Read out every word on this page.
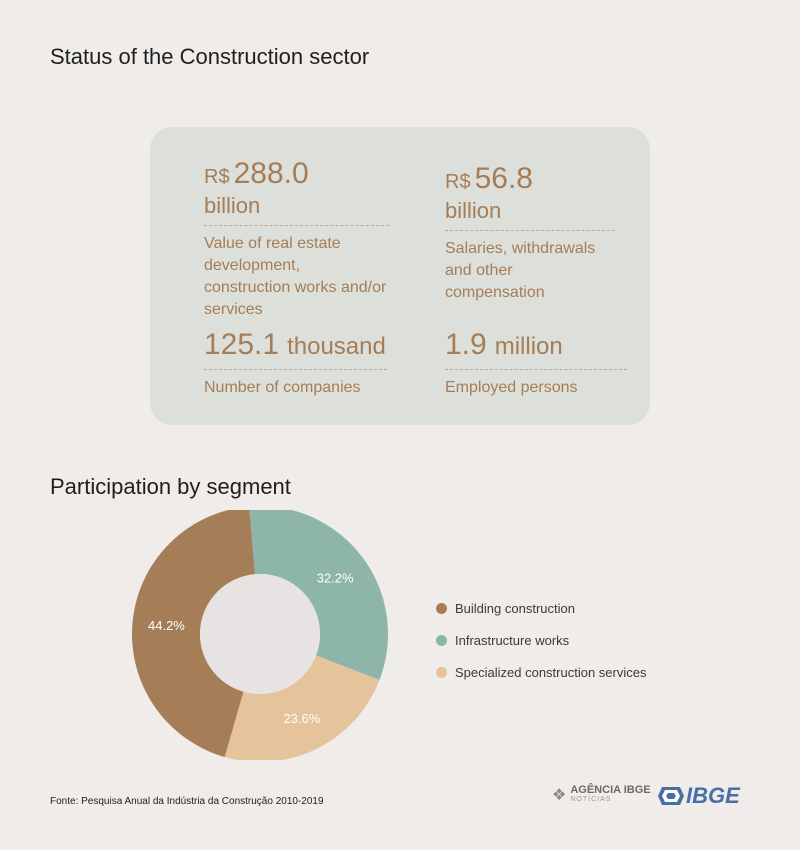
Status of the Construction sector
R$ 288.0
billion
Value of real estate development, construction works and/or services
R$ 56.8
billion
Salaries, withdrawals and other compensation
125.1 thousand
Number of companies
1.9 million
Employed persons
Participation by segment
32.2%
23.6%
44.2%
Building construction
Infrastructure works
Specialized construction services
Fonte: Pesquisa Anual da Indústria da Construção 2010-2019	❖ AGÊNCIA IBGE
NOTÍCIAS	IBGE
